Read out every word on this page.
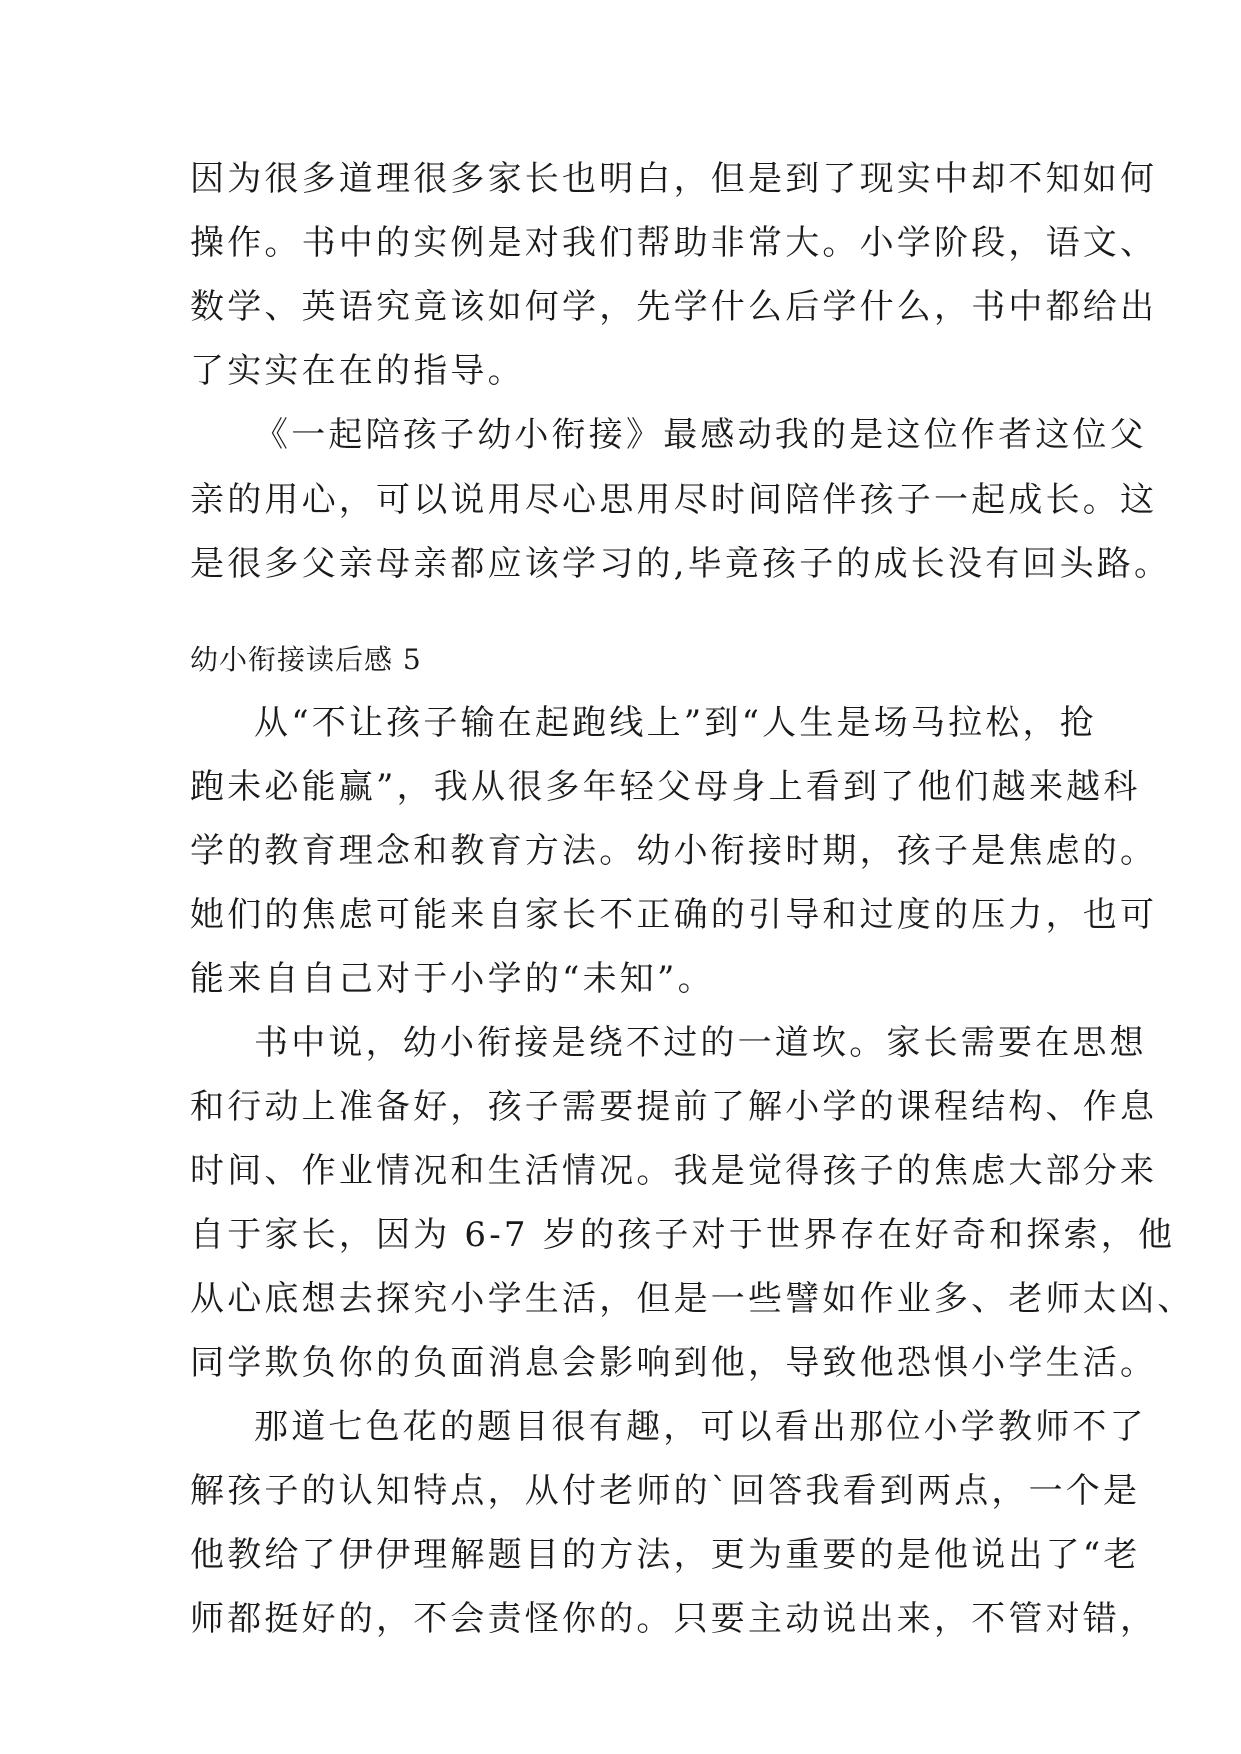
因为很多道理很多家长也明白，但是到了现实中却不知如何
操作。书中的实例是对我们帮助非常大。小学阶段，语文、
数学、英语究竟该如何学，先学什么后学什么，书中都给出
了实实在在的指导。
《一起陪孩子幼小衔接》最感动我的是这位作者这位父
亲的用心，可以说用尽心思用尽时间陪伴孩子一起成长。这
是很多父亲母亲都应该学习的,毕竟孩子的成长没有回头路。
幼小衔接读后感 5
从“不让孩子输在起跑线上”到“人生是场马拉松，抢
跑未必能赢”，我从很多年轻父母身上看到了他们越来越科
学的教育理念和教育方法。幼小衔接时期，孩子是焦虑的。
她们的焦虑可能来自家长不正确的引导和过度的压力，也可
能来自自己对于小学的“未知”。
书中说，幼小衔接是绕不过的一道坎。家长需要在思想
和行动上准备好，孩子需要提前了解小学的课程结构、作息
时间、作业情况和生活情况。我是觉得孩子的焦虑大部分来
自于家长，因为 6-7 岁的孩子对于世界存在好奇和探索，他
从心底想去探究小学生活，但是一些譬如作业多、老师太凶、
同学欺负你的负面消息会影响到他，导致他恐惧小学生活。
那道七色花的题目很有趣，可以看出那位小学教师不了
解孩子的认知特点，从付老师的`回答我看到两点，一个是
他教给了伊伊理解题目的方法，更为重要的是他说出了“老
师都挺好的，不会责怪你的。只要主动说出来，不管对错，
